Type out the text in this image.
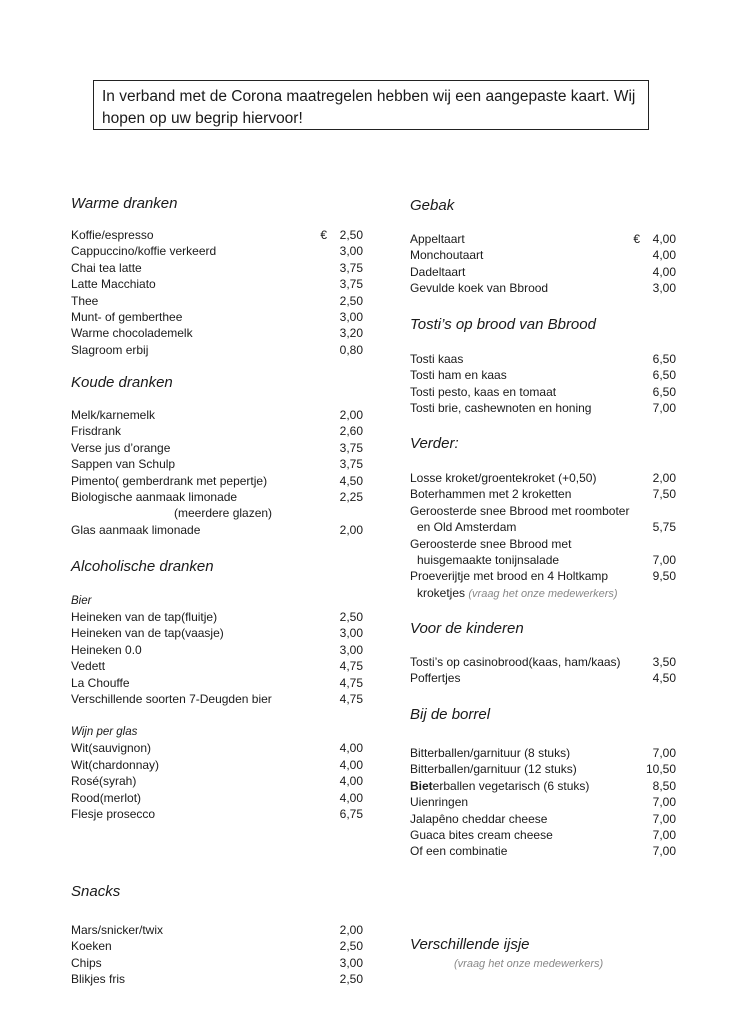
In verband met de Corona maatregelen hebben wij een aangepaste kaart. Wij hopen op uw begrip hiervoor!
Warme dranken
Koffie/espresso	€ 2,50
Cappuccino/koffie verkeerd	3,00
Chai tea latte	3,75
Latte Macchiato	3,75
Thee	2,50
Munt- of gemberthee	3,00
Warme chocolademelk	3,20
Slagroom erbij	0,80
Koude dranken
Melk/karnemelk	2,00
Frisdrank	2,60
Verse jus d’orange	3,75
Sappen van Schulp	3,75
Pimento( gemberdrank met pepertje)	4,50
Biologische aanmaak limonade	2,25
(meerdere glazen)
Glas aanmaak limonade	2,00
Alcoholische dranken
Bier
Heineken van de tap(fluitje)	2,50
Heineken van de tap(vaasje)	3,00
Heineken 0.0	3,00
Vedett	4,75
La Chouffe	4,75
Verschillende soorten 7-Deugden bier	4,75
Wijn per glas
Wit(sauvignon)	4,00
Wit(chardonnay)	4,00
Rosé(syrah)	4,00
Rood(merlot)	4,00
Flesje prosecco	6,75
Snacks
Mars/snicker/twix	2,00
Koeken	2,50
Chips	3,00
Blikjes fris	2,50
Gebak
Appeltaart	€ 4,00
Monchoutaart	4,00
Dadeltaart	4,00
Gevulde koek van Bbrood	3,00
Tosti’s op brood van Bbrood
Tosti kaas	6,50
Tosti ham en kaas	6,50
Tosti pesto, kaas en tomaat	6,50
Tosti brie, cashewnoten en honing	7,00
Verder:
Losse kroket/groentekroket (+0,50)	2,00
Boterhammen met 2 kroketten	7,50
Geroosterde snee Bbrood met roomboter
en Old Amsterdam	5,75
Geroosterde snee Bbrood met
huisgemaakte tonijnsalade	7,00
Proeverijtje met brood en 4 Holtkamp	9,50
kroketjes (vraag het onze medewerkers)
Voor de kinderen
Tosti’s op casinobrood(kaas, ham/kaas)	3,50
Poffertjes	4,50
Bij de borrel
Bitterballen/garnituur (8 stuks)	7,00
Bitterballen/garnituur (12 stuks)	10,50
Bieterballen vegetarisch (6 stuks)	8,50
Uienringen	7,00
Jalapêno cheddar cheese	7,00
Guaca bites cream cheese	7,00
Of een combinatie	7,00
Verschillende ijsje
(vraag het onze medewerkers)
